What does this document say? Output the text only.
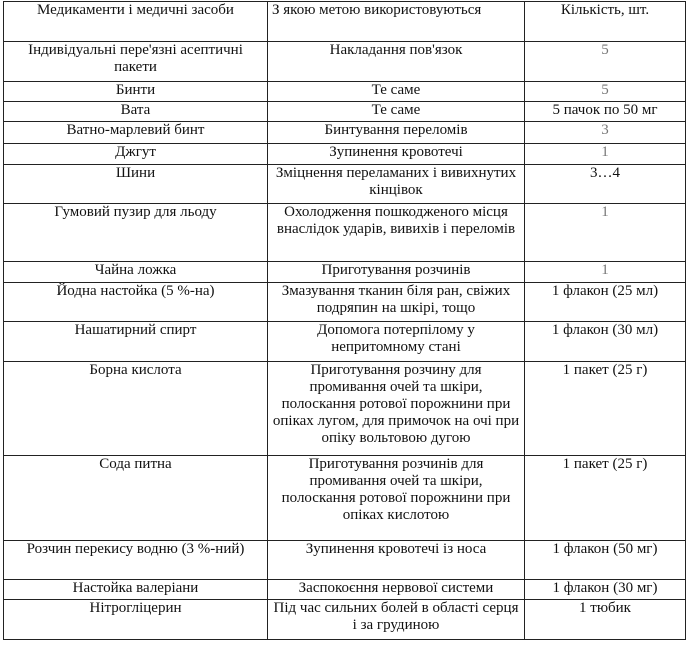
Медикаменти і медичні засоби	З якою метою використовуються	Кількість, шт.
Індивідуальні пере'язні асептичні пакети	Накладання пов'язок	5
Бинти	Те саме	5
Вата	Те саме	5 пачок по 50 мг
Ватно-марлевий бинт	Бинтування переломів	3
Джгут	Зупинення кровотечі	1
Шини	Зміцнення переламаних і вивихнутих кінцівок	3…4
Гумовий пузир для льоду	Охолодження пошкодженого місця внаслідок ударів, вивихів і переломів	1
Чайна ложка	Приготування розчинів	1
Йодна настойка (5 %-на)	Змазування тканин біля ран, свіжих подряпин на шкірі, тощо	1 флакон (25 мл)
Нашатирний спирт	Допомога потерпілому у непритомному стані	1 флакон (30 мл)
Борна кислота	Приготування розчину для промивання очей та шкіри, полоскання ротової порожнини при опіках лугом, для примочок на очі при опіку вольтовою дугою	1 пакет (25 г)
Сода питна	Приготування розчинів для промивання очей та шкіри, полоскання ротової порожнини при опіках кислотою	1 пакет (25 г)
Розчин перекису водню (3 %-ний)	Зупинення кровотечі із носа	1 флакон (50 мг)
Настойка валеріани	Заспокоєння нервової системи	1 флакон (30 мг)
Нітрогліцерин	Під час сильних болей в області серця і за грудиною	1 тюбик
